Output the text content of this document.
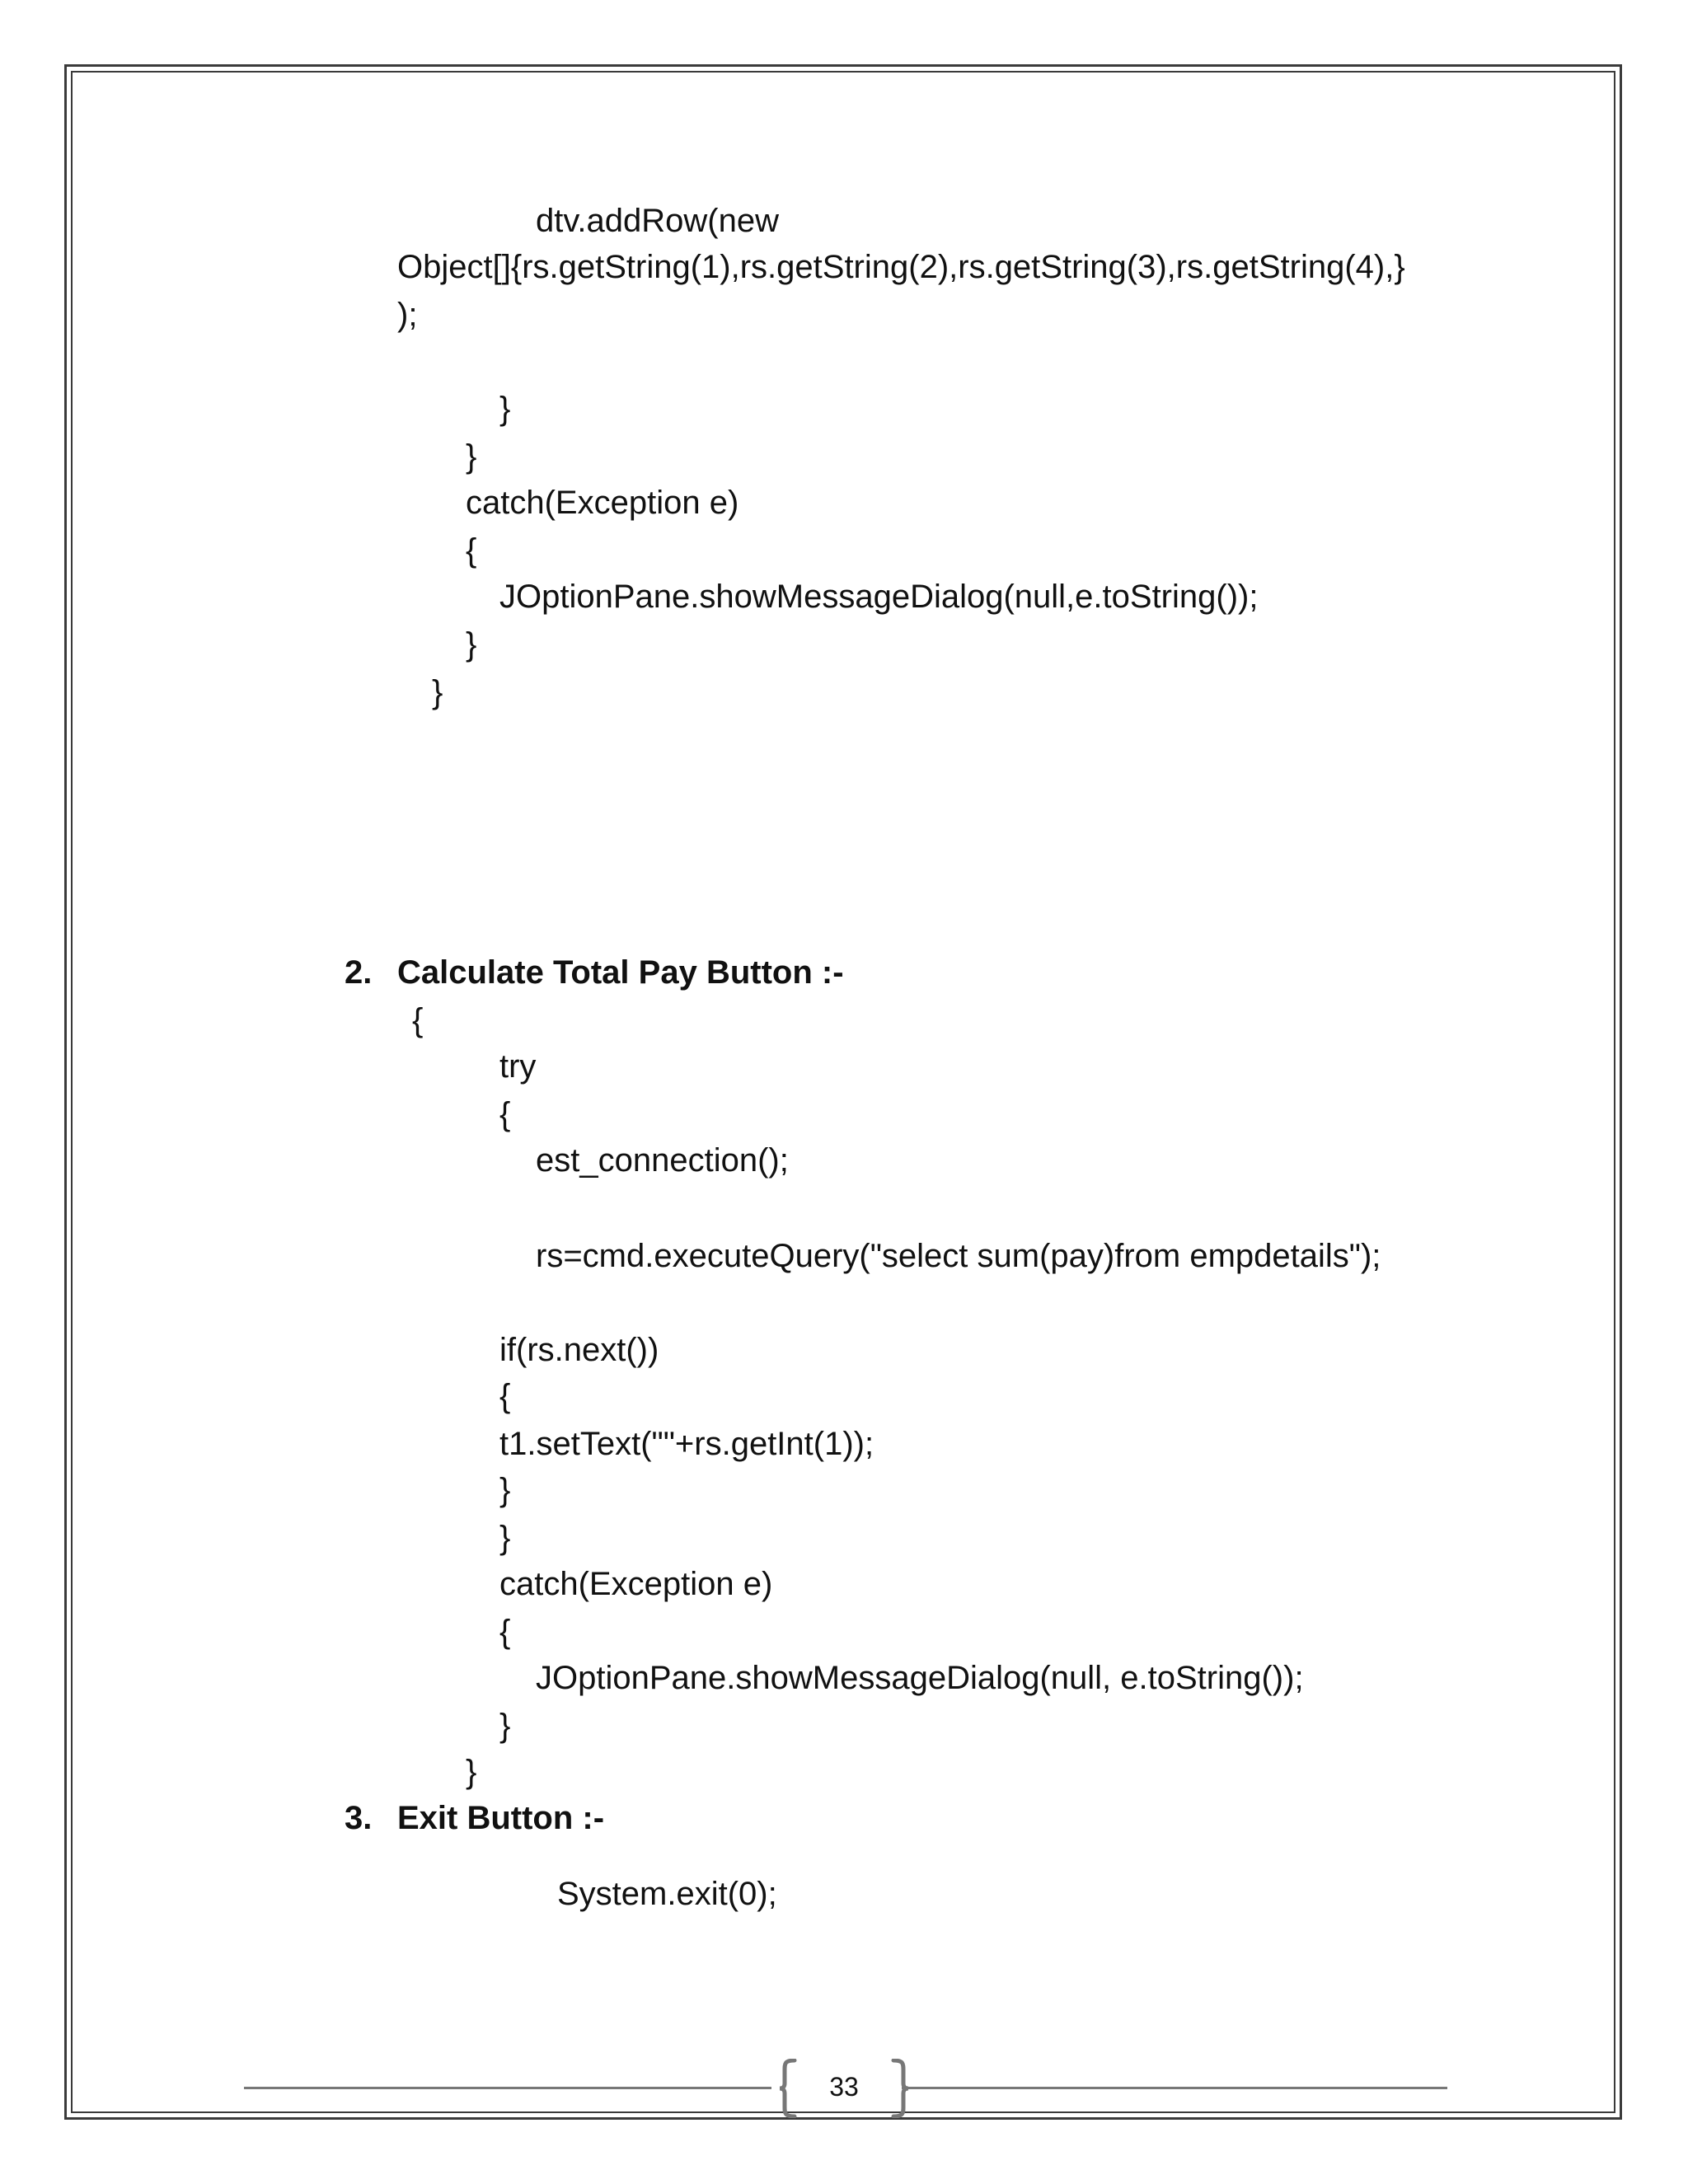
dtv.addRow(new
Object[]{rs.getString(1),rs.getString(2),rs.getString(3),rs.getString(4),}
);
}
}
catch(Exception e)
{
JOptionPane.showMessageDialog(null,e.toString());
}
}
2. Calculate Total Pay Button :-
{
try
{
est_connection();
rs=cmd.executeQuery("select sum(pay)from empdetails");
if(rs.next())
{
t1.setText(""+rs.getInt(1));
}
}
catch(Exception e)
{
JOptionPane.showMessageDialog(null, e.toString());
}
}
3. Exit Button :-
System.exit(0);
33
